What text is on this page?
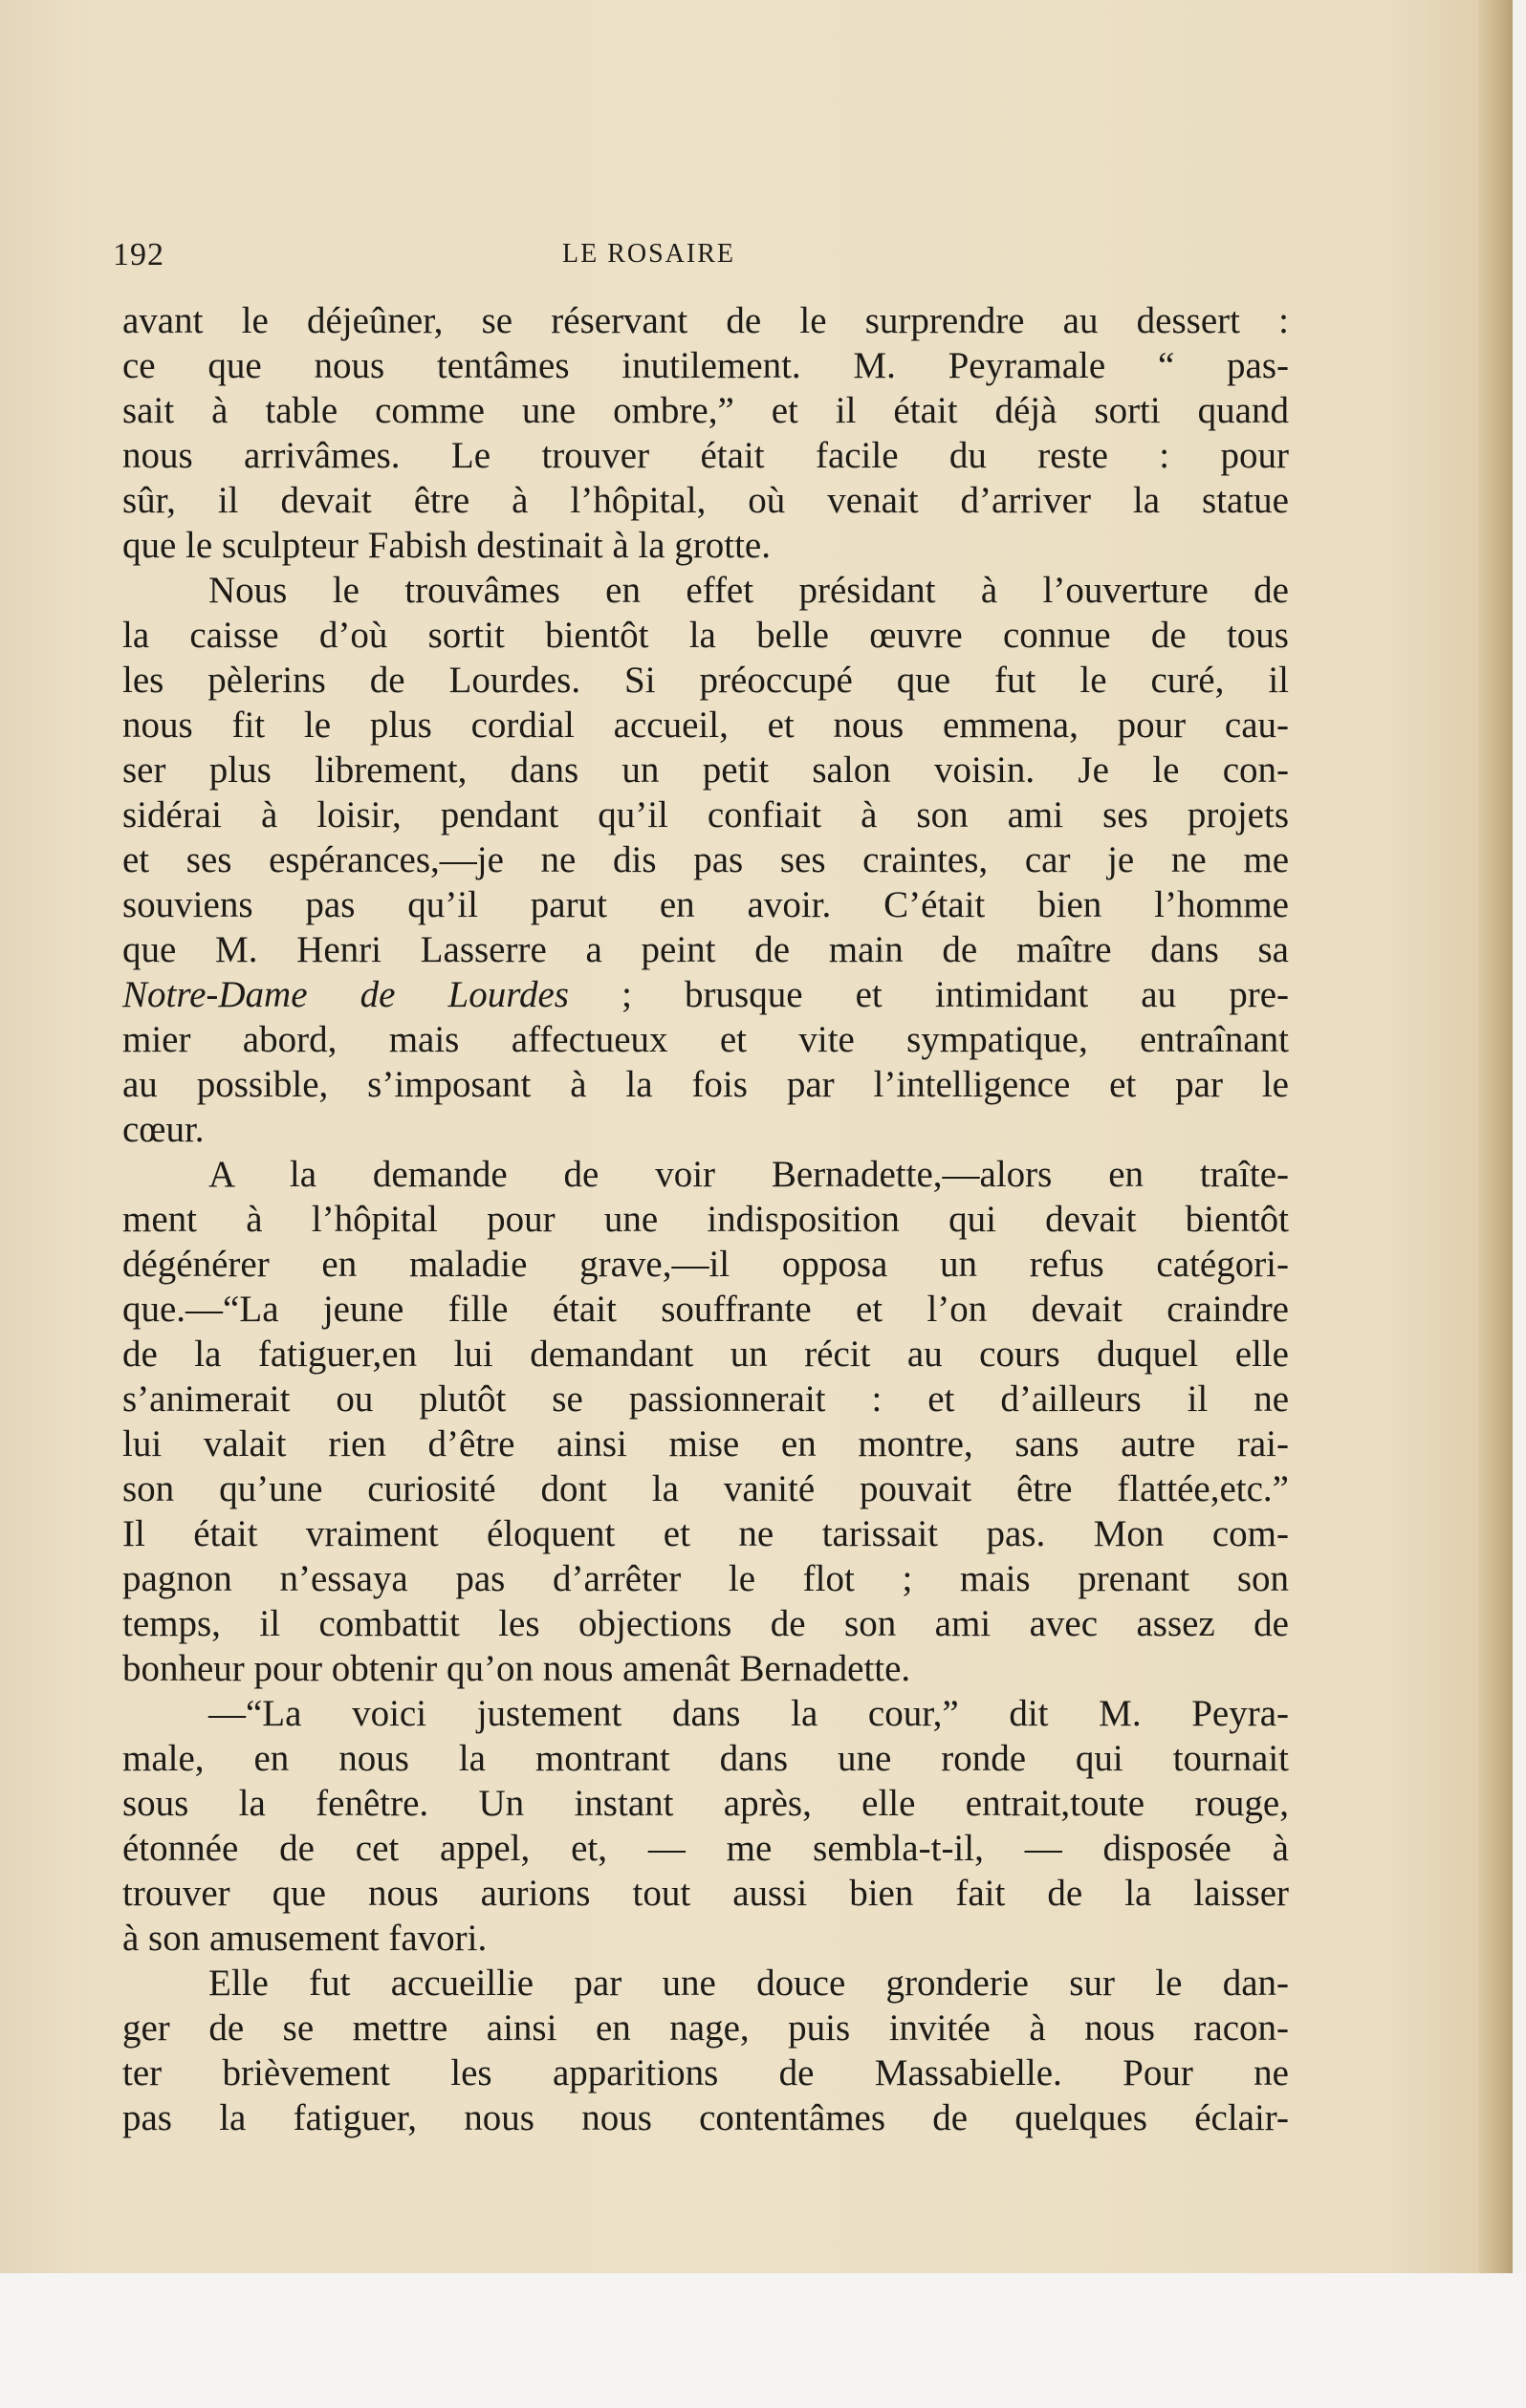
192	LE ROSAIRE
avant le déjeûner, se réservant de le surprendre au dessert :
ce que nous tentâmes inutilement. M. Peyramale “ pas-
sait à table comme une ombre,” et il était déjà sorti quand
nous arrivâmes. Le trouver était facile du reste : pour
sûr, il devait être à l’hôpital, où venait d’arriver la statue
que le sculpteur Fabish destinait à la grotte.
Nous le trouvâmes en effet présidant à l’ouverture de
la caisse d’où sortit bientôt la belle œuvre connue de tous
les pèlerins de Lourdes. Si préoccupé que fut le curé, il
nous fit le plus cordial accueil, et nous emmena, pour cau-
ser plus librement, dans un petit salon voisin. Je le con-
sidérai à loisir, pendant qu’il confiait à son ami ses projets
et ses espérances,—je ne dis pas ses craintes, car je ne me
souviens pas qu’il parut en avoir. C’était bien l’homme
que M. Henri Lasserre a peint de main de maître dans sa
Notre-Dame de Lourdes ; brusque et intimidant au pre-
mier abord, mais affectueux et vite sympatique, entraînant
au possible, s’imposant à la fois par l’intelligence et par le
cœur.
A la demande de voir Bernadette,—alors en traîte-
ment à l’hôpital pour une indisposition qui devait bientôt
dégénérer en maladie grave,—il opposa un refus catégori-
que.—“La jeune fille était souffrante et l’on devait craindre
de la fatiguer,en lui demandant un récit au cours duquel elle
s’animerait ou plutôt se passionnerait : et d’ailleurs il ne
lui valait rien d’être ainsi mise en montre, sans autre rai-
son qu’une curiosité dont la vanité pouvait être flattée,etc.”
Il était vraiment éloquent et ne tarissait pas. Mon com-
pagnon n’essaya pas d’arrêter le flot ; mais prenant son
temps, il combattit les objections de son ami avec assez de
bonheur pour obtenir qu’on nous amenât Bernadette.
—“La voici justement dans la cour,” dit M. Peyra-
male, en nous la montrant dans une ronde qui tournait
sous la fenêtre. Un instant après, elle entrait,toute rouge,
étonnée de cet appel, et, — me sembla-t-il, — disposée à
trouver que nous aurions tout aussi bien fait de la laisser
à son amusement favori.
Elle fut accueillie par une douce gronderie sur le dan-
ger de se mettre ainsi en nage, puis invitée à nous racon-
ter brièvement les apparitions de Massabielle. Pour ne
pas la fatiguer, nous nous contentâmes de quelques éclair-
